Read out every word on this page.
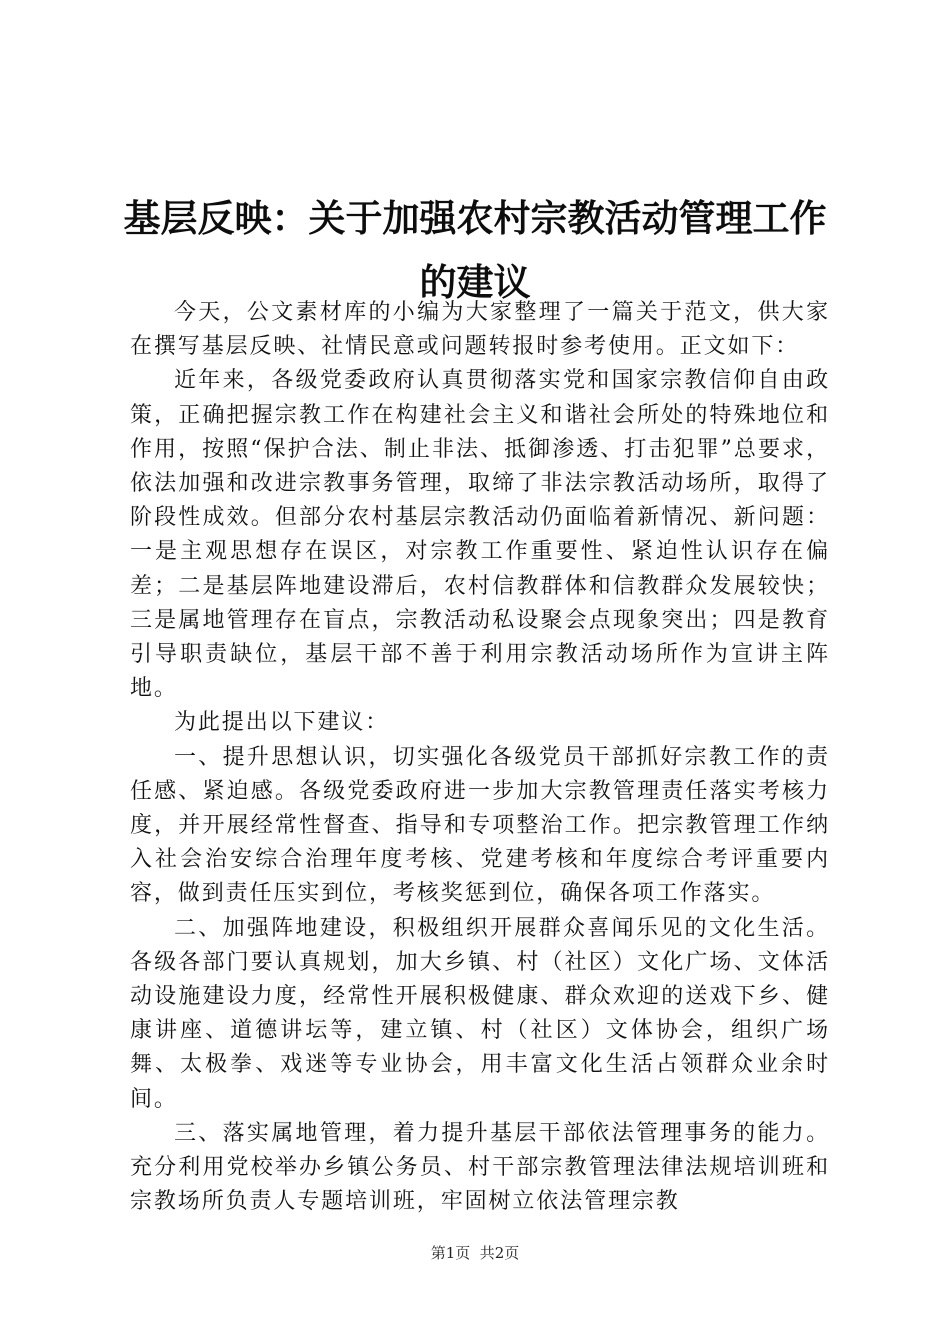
基层反映：关于加强农村宗教活动管理工作的建议

今天，公文素材库的小编为大家整理了一篇关于范文，供大家在撰写基层反映、社情民意或问题转报时参考使用。正文如下：

近年来，各级党委政府认真贯彻落实党和国家宗教信仰自由政策，正确把握宗教工作在构建社会主义和谐社会所处的特殊地位和作用，按照“保护合法、制止非法、抵御渗透、打击犯罪”总要求，依法加强和改进宗教事务管理，取缔了非法宗教活动场所，取得了阶段性成效。但部分农村基层宗教活动仍面临着新情况、新问题：一是主观思想存在误区，对宗教工作重要性、紧迫性认识存在偏差；二是基层阵地建设滞后，农村信教群体和信教群众发展较快；三是属地管理存在盲点，宗教活动私设聚会点现象突出；四是教育引导职责缺位，基层干部不善于利用宗教活动场所作为宣讲主阵地。

为此提出以下建议：

一、提升思想认识，切实强化各级党员干部抓好宗教工作的责任感、紧迫感。各级党委政府进一步加大宗教管理责任落实考核力度，并开展经常性督查、指导和专项整治工作。把宗教管理工作纳入社会治安综合治理年度考核、党建考核和年度综合考评重要内容，做到责任压实到位，考核奖惩到位，确保各项工作落实。

二、加强阵地建设，积极组织开展群众喜闻乐见的文化生活。各级各部门要认真规划，加大乡镇、村（社区）文化广场、文体活动设施建设力度，经常性开展积极健康、群众欢迎的送戏下乡、健康讲座、道德讲坛等，建立镇、村（社区）文体协会，组织广场舞、太极拳、戏迷等专业协会，用丰富文化生活占领群众业余时间。

三、落实属地管理，着力提升基层干部依法管理事务的能力。充分利用党校举办乡镇公务员、村干部宗教管理法律法规培训班和宗教场所负责人专题培训班，牢固树立依法管理宗教

第1页  共2页
